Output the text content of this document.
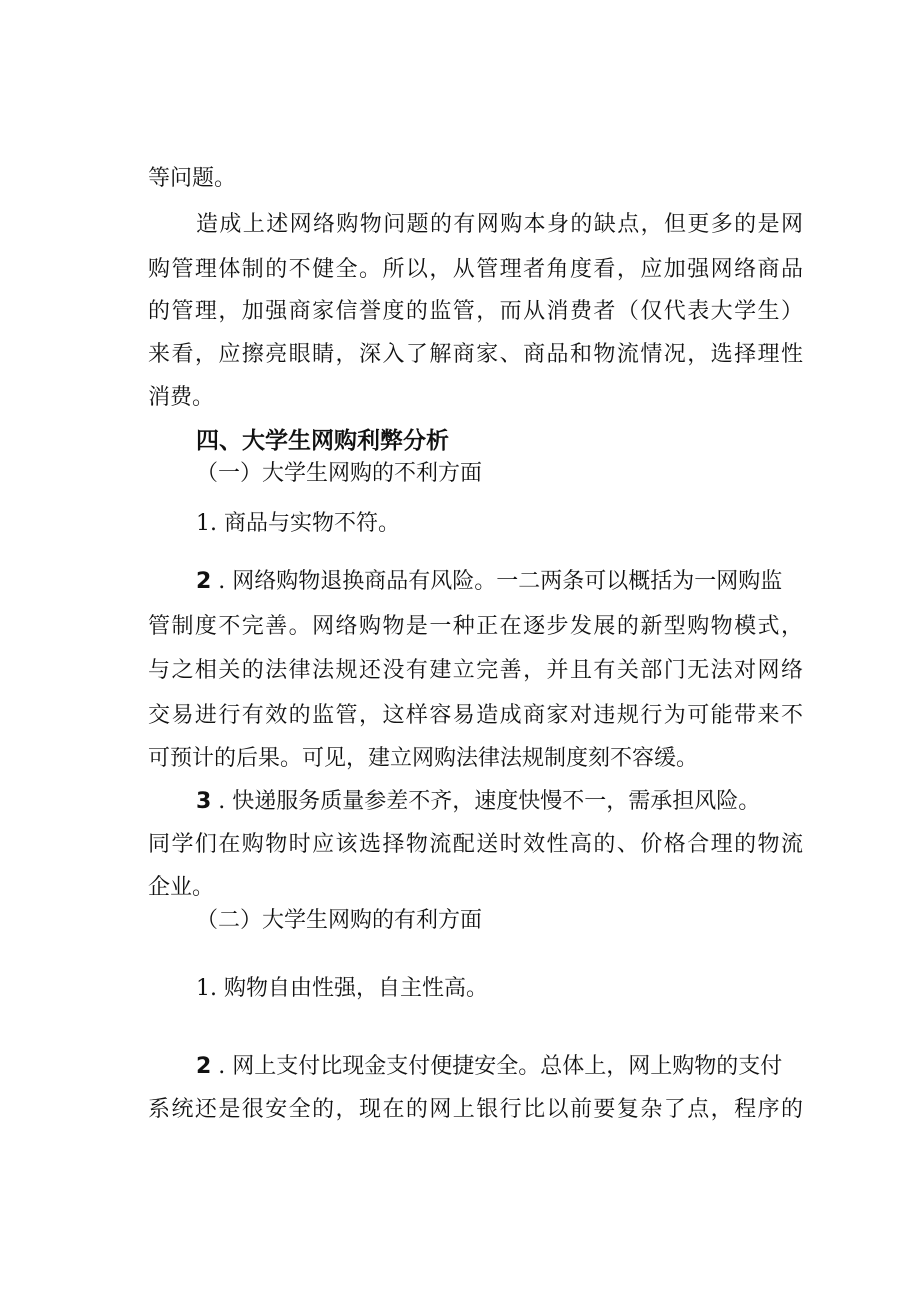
等问题。
造成上述网络购物问题的有网购本身的缺点，但更多的是网
购管理体制的不健全。所以，从管理者角度看，应加强网络商品
的管理，加强商家信誉度的监管，而从消费者（仅代表大学生）
来看，应擦亮眼睛，深入了解商家、商品和物流情况，选择理性
消费。
四、大学生网购利弊分析
（一）大学生网购的不利方面
1. 商品与实物不符。
2 . 网络购物退换商品有风险。一二两条可以概括为一网购监
管制度不完善。网络购物是一种正在逐步发展的新型购物模式，
与之相关的法律法规还没有建立完善，并且有关部门无法对网络
交易进行有效的监管，这样容易造成商家对违规行为可能带来不
可预计的后果。可见，建立网购法律法规制度刻不容缓。
3 . 快递服务质量参差不齐，速度快慢不一，需承担风险。
同学们在购物时应该选择物流配送时效性高的、价格合理的物流
企业。
（二）大学生网购的有利方面
1. 购物自由性强，自主性高。
2 . 网上支付比现金支付便捷安全。总体上，网上购物的支付
系统还是很安全的，现在的网上银行比以前要复杂了点，程序的
